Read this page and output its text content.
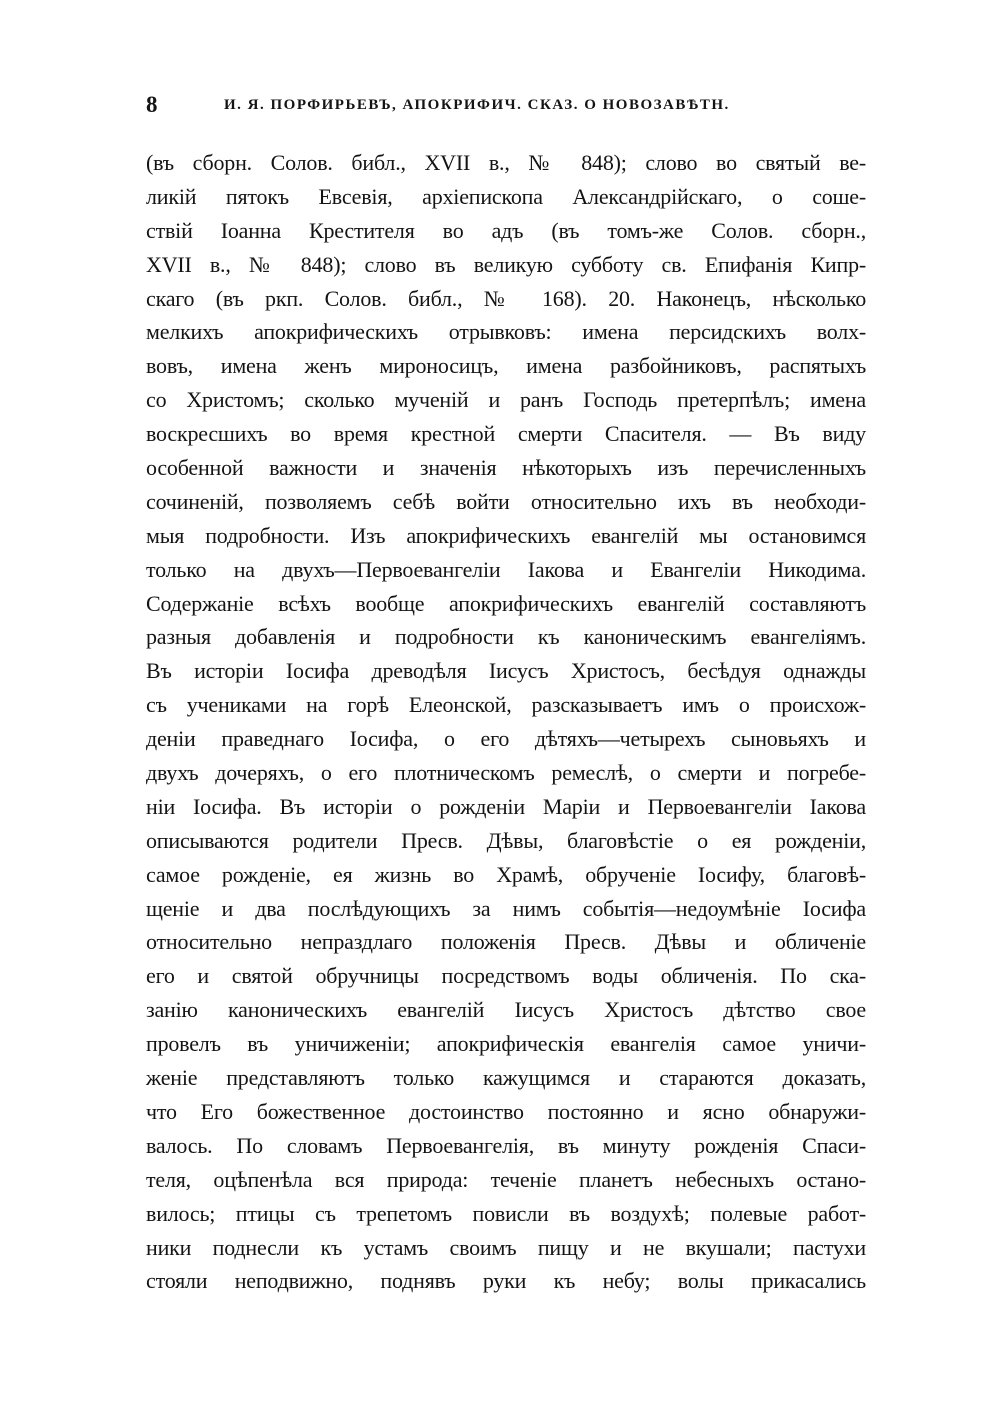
8	И. Я. ПОРФИРЬЕВЪ, АПОКРИФИЧ. СКАЗ. О НОВОЗАВѢТН.
(въ сборн. Солов. библ., XVII в., № 848); слово во святый ве-
ликій пятокъ Евсевія, архіепископа Александрійскаго, о соше-
ствій Іоанна Крестителя во адъ (въ томъ-же Солов. сборн.,
XVII в., № 848); слово въ великую субботу св. Епифанія Кипр-
скаго (въ ркп. Солов. библ., № 168). 20. Наконецъ, нѣсколько
мелкихъ апокрифическихъ отрывковъ: имена персидскихъ волх-
вовъ, имена женъ мироносицъ, имена разбойниковъ, распятыхъ
со Христомъ; сколько мученій и ранъ Господь претерпѣлъ; имена
воскресшихъ во время крестной смерти Спасителя. — Въ виду
особенной важности и значенія нѣкоторыхъ изъ перечисленныхъ
сочиненій, позволяемъ себѣ войти относительно ихъ въ необходи-
мыя подробности. Изъ апокрифическихъ евангелій мы остановимся
только на двухъ—Первоевангеліи Іакова и Евангеліи Никодима.
Содержаніе всѣхъ вообще апокрифическихъ евангелій составляютъ
разныя добавленія и подробности къ каноническимъ евангеліямъ.
Въ исторіи Іосифа древодѣля Іисусъ Христосъ, бесѣдуя однажды
съ учениками на горѣ Елеонской, разсказываетъ имъ о происхож-
деніи праведнаго Іосифа, о его дѣтяхъ—четырехъ сыновьяхъ и
двухъ дочеряхъ, о его плотническомъ ремеслѣ, о смерти и погребе-
ніи Іосифа. Въ исторіи о рожденіи Маріи и Первоевангеліи Іакова
описываются родители Пресв. Дѣвы, благовѣстіе о ея рожденіи,
самое рожденіе, ея жизнь во Храмѣ, обрученіе Іосифу, благовѣ-
щеніе и два послѣдующихъ за нимъ событія—недоумѣніе Іосифа
относительно непраздлаго положенія Пресв. Дѣвы и обличеніе
его и святой обручницы посредствомъ воды обличенія. По ска-
занію каноническихъ евангелій Іисусъ Христосъ дѣтство свое
провелъ въ уничиженіи; апокрифическія евангелія самое уничи-
женіе представляютъ только кажущимся и стараются доказать,
что Его божественное достоинство постоянно и ясно обнаружи-
валось. По словамъ Первоевангелія, въ минуту рожденія Спаси-
теля, оцѣпенѣла вся природа: теченіе планетъ небесныхъ остано-
вилось; птицы съ трепетомъ повисли въ воздухѣ; полевые работ-
ники поднесли къ устамъ своимъ пищу и не вкушали; пастухи
стояли неподвижно, поднявъ руки къ небу; волы прикасались
